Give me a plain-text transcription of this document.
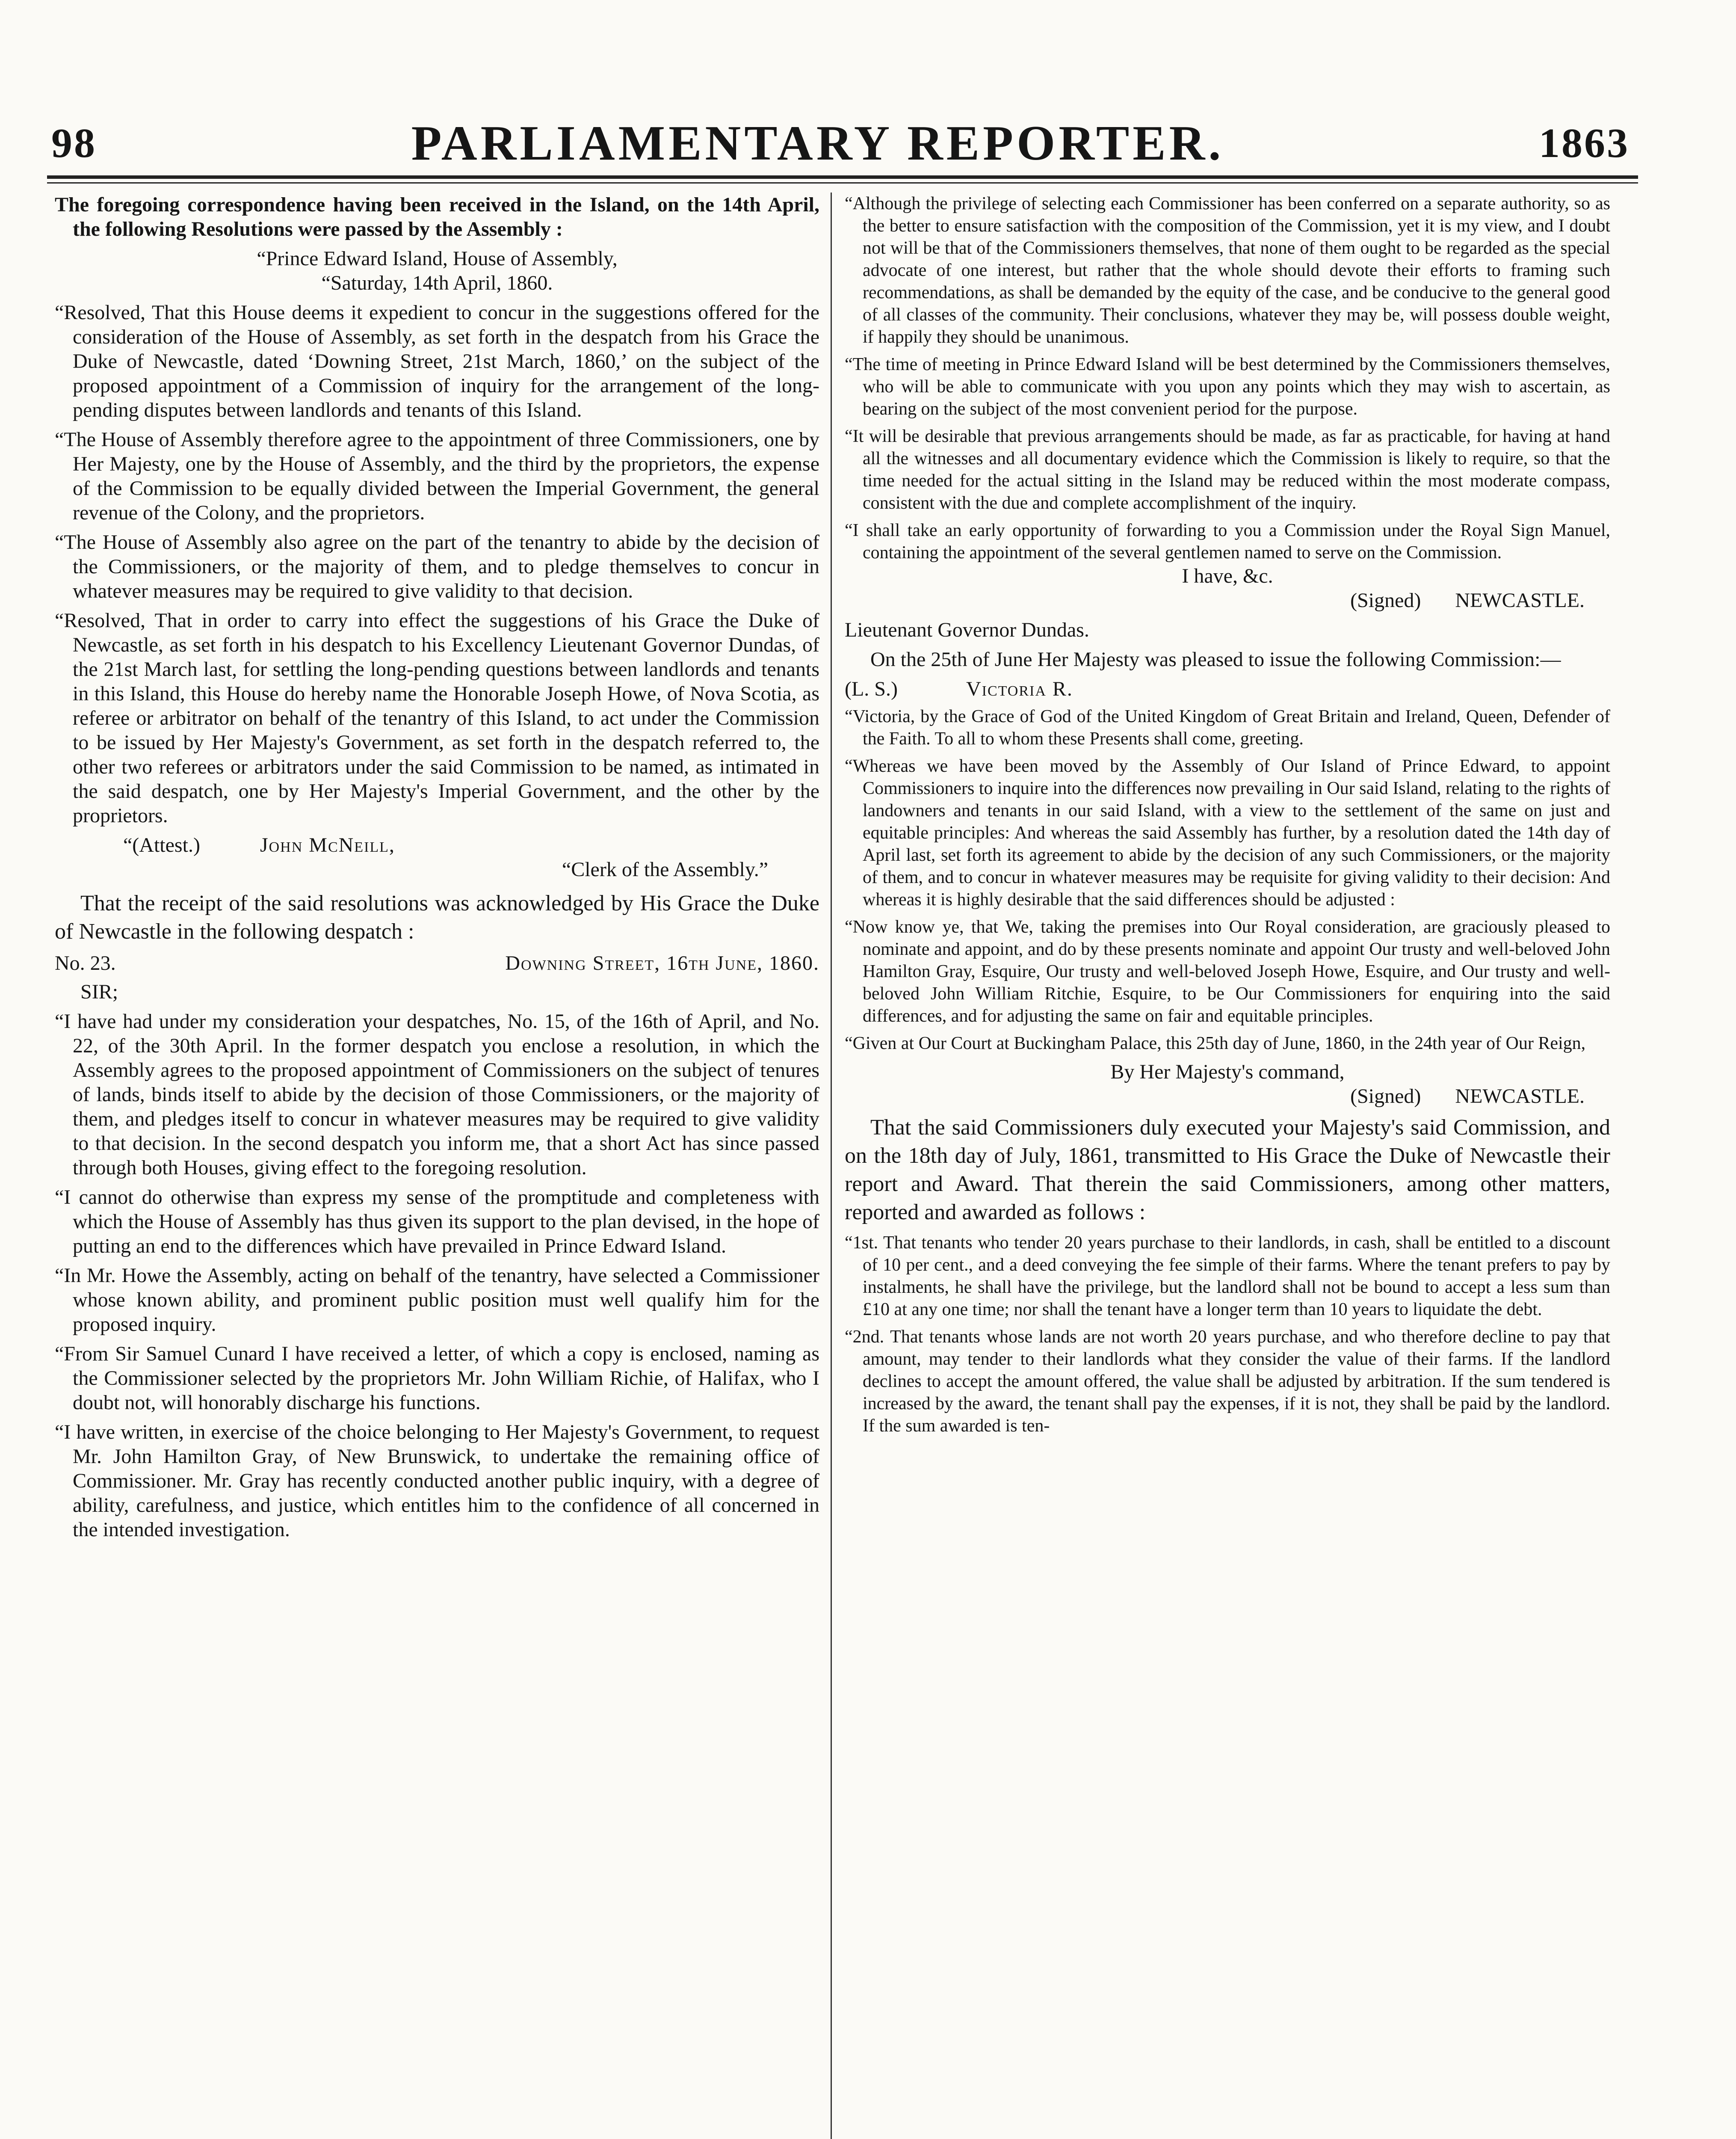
98	PARLIAMENTARY REPORTER.	1863

The foregoing correspondence having been received in the Island, on the 14th April, the following Resolutions were passed by the Assembly :

“Prince Edward Island, House of Assembly,

“Saturday, 14th April, 1860.

“Resolved, That this House deems it expedient to concur in the suggestions offered for the consideration of the House of Assembly, as set forth in the despatch from his Grace the Duke of Newcastle, dated ‘Downing Street, 21st March, 1860,’ on the subject of the proposed appointment of a Commission of inquiry for the arrangement of the long-pending disputes between landlords and tenants of this Island.

“The House of Assembly therefore agree to the appointment of three Commissioners, one by Her Majesty, one by the House of Assembly, and the third by the proprietors, the expense of the Commission to be equally divided between the Imperial Government, the general revenue of the Colony, and the proprietors.

“The House of Assembly also agree on the part of the tenantry to abide by the decision of the Commissioners, or the majority of them, and to pledge themselves to concur in whatever measures may be required to give validity to that decision.

“Resolved, That in order to carry into effect the suggestions of his Grace the Duke of Newcastle, as set forth in his despatch to his Excellency Lieutenant Governor Dundas, of the 21st March last, for settling the long-pending questions between landlords and tenants in this Island, this House do hereby name the Honorable Joseph Howe, of Nova Scotia, as referee or arbitrator on behalf of the tenantry of this Island, to act under the Commission to be issued by Her Majesty's Government, as set forth in the despatch referred to, the other two referees or arbitrators under the said Commission to be named, as intimated in the said despatch, one by Her Majesty's Imperial Government, and the other by the proprietors.

“(Attest.)	John McNeill,

“Clerk of the Assembly.”

That the receipt of the said resolutions was acknowledged by His Grace the Duke of Newcastle in the following despatch :

No. 23.	Downing Street, 16th June, 1860.

SIR;

“I have had under my consideration your despatches, No. 15, of the 16th of April, and No. 22, of the 30th April. In the former despatch you enclose a resolution, in which the Assembly agrees to the proposed appointment of Commissioners on the subject of tenures of lands, binds itself to abide by the decision of those Commissioners, or the majority of them, and pledges itself to concur in whatever measures may be required to give validity to that decision. In the second despatch you inform me, that a short Act has since passed through both Houses, giving effect to the foregoing resolution.

“I cannot do otherwise than express my sense of the promptitude and completeness with which the House of Assembly has thus given its support to the plan devised, in the hope of putting an end to the differences which have prevailed in Prince Edward Island.

“In Mr. Howe the Assembly, acting on behalf of the tenantry, have selected a Commissioner whose known ability, and prominent public position must well qualify him for the proposed inquiry.

“From Sir Samuel Cunard I have received a letter, of which a copy is enclosed, naming as the Commissioner selected by the proprietors Mr. John William Richie, of Halifax, who I doubt not, will honorably discharge his functions.

“I have written, in exercise of the choice belonging to Her Majesty's Government, to request Mr. John Hamilton Gray, of New Brunswick, to undertake the remaining office of Commissioner. Mr. Gray has recently conducted another public inquiry, with a degree of ability, carefulness, and justice, which entitles him to the confidence of all concerned in the intended investigation.

“Although the privilege of selecting each Commissioner has been conferred on a separate authority, so as the better to ensure satisfaction with the composition of the Commission, yet it is my view, and I doubt not will be that of the Commissioners themselves, that none of them ought to be regarded as the special advocate of one interest, but rather that the whole should devote their efforts to framing such recommendations, as shall be demanded by the equity of the case, and be conducive to the general good of all classes of the community. Their conclusions, whatever they may be, will possess double weight, if happily they should be unanimous.

“The time of meeting in Prince Edward Island will be best determined by the Commissioners themselves, who will be able to communicate with you upon any points which they may wish to ascertain, as bearing on the subject of the most convenient period for the purpose.

“It will be desirable that previous arrangements should be made, as far as practicable, for having at hand all the witnesses and all documentary evidence which the Commission is likely to require, so that the time needed for the actual sitting in the Island may be reduced within the most moderate compass, consistent with the due and complete accomplishment of the inquiry.

“I shall take an early opportunity of forwarding to you a Commission under the Royal Sign Manuel, containing the appointment of the several gentlemen named to serve on the Commission.

I have, &c.

(Signed) NEWCASTLE.

Lieutenant Governor Dundas.

On the 25th of June Her Majesty was pleased to issue the following Commission:—

(L. S.)	Victoria R.

“Victoria, by the Grace of God of the United Kingdom of Great Britain and Ireland, Queen, Defender of the Faith. To all to whom these Presents shall come, greeting.

“Whereas we have been moved by the Assembly of Our Island of Prince Edward, to appoint Commissioners to inquire into the differences now prevailing in Our said Island, relating to the rights of landowners and tenants in our said Island, with a view to the settlement of the same on just and equitable principles: And whereas the said Assembly has further, by a resolution dated the 14th day of April last, set forth its agreement to abide by the decision of any such Commissioners, or the majority of them, and to concur in whatever measures may be requisite for giving validity to their decision: And whereas it is highly desirable that the said differences should be adjusted :

“Now know ye, that We, taking the premises into Our Royal consideration, are graciously pleased to nominate and appoint, and do by these presents nominate and appoint Our trusty and well-beloved John Hamilton Gray, Esquire, Our trusty and well-beloved Joseph Howe, Esquire, and Our trusty and well-beloved John William Ritchie, Esquire, to be Our Commissioners for enquiring into the said differences, and for adjusting the same on fair and equitable principles.

“Given at Our Court at Buckingham Palace, this 25th day of June, 1860, in the 24th year of Our Reign,

By Her Majesty's command,

(Signed) NEWCASTLE.

That the said Commissioners duly executed your Majesty's said Commission, and on the 18th day of July, 1861, transmitted to His Grace the Duke of Newcastle their report and Award. That therein the said Commissioners, among other matters, reported and awarded as follows :

“1st. That tenants who tender 20 years purchase to their landlords, in cash, shall be entitled to a discount of 10 per cent., and a deed conveying the fee simple of their farms. Where the tenant prefers to pay by instalments, he shall have the privilege, but the landlord shall not be bound to accept a less sum than £10 at any one time; nor shall the tenant have a longer term than 10 years to liquidate the debt.

“2nd. That tenants whose lands are not worth 20 years purchase, and who therefore decline to pay that amount, may tender to their landlords what they consider the value of their farms. If the landlord declines to accept the amount offered, the value shall be adjusted by arbitration. If the sum tendered is increased by the award, the tenant shall pay the expenses, if it is not, they shall be paid by the landlord. If the sum awarded is ten-
